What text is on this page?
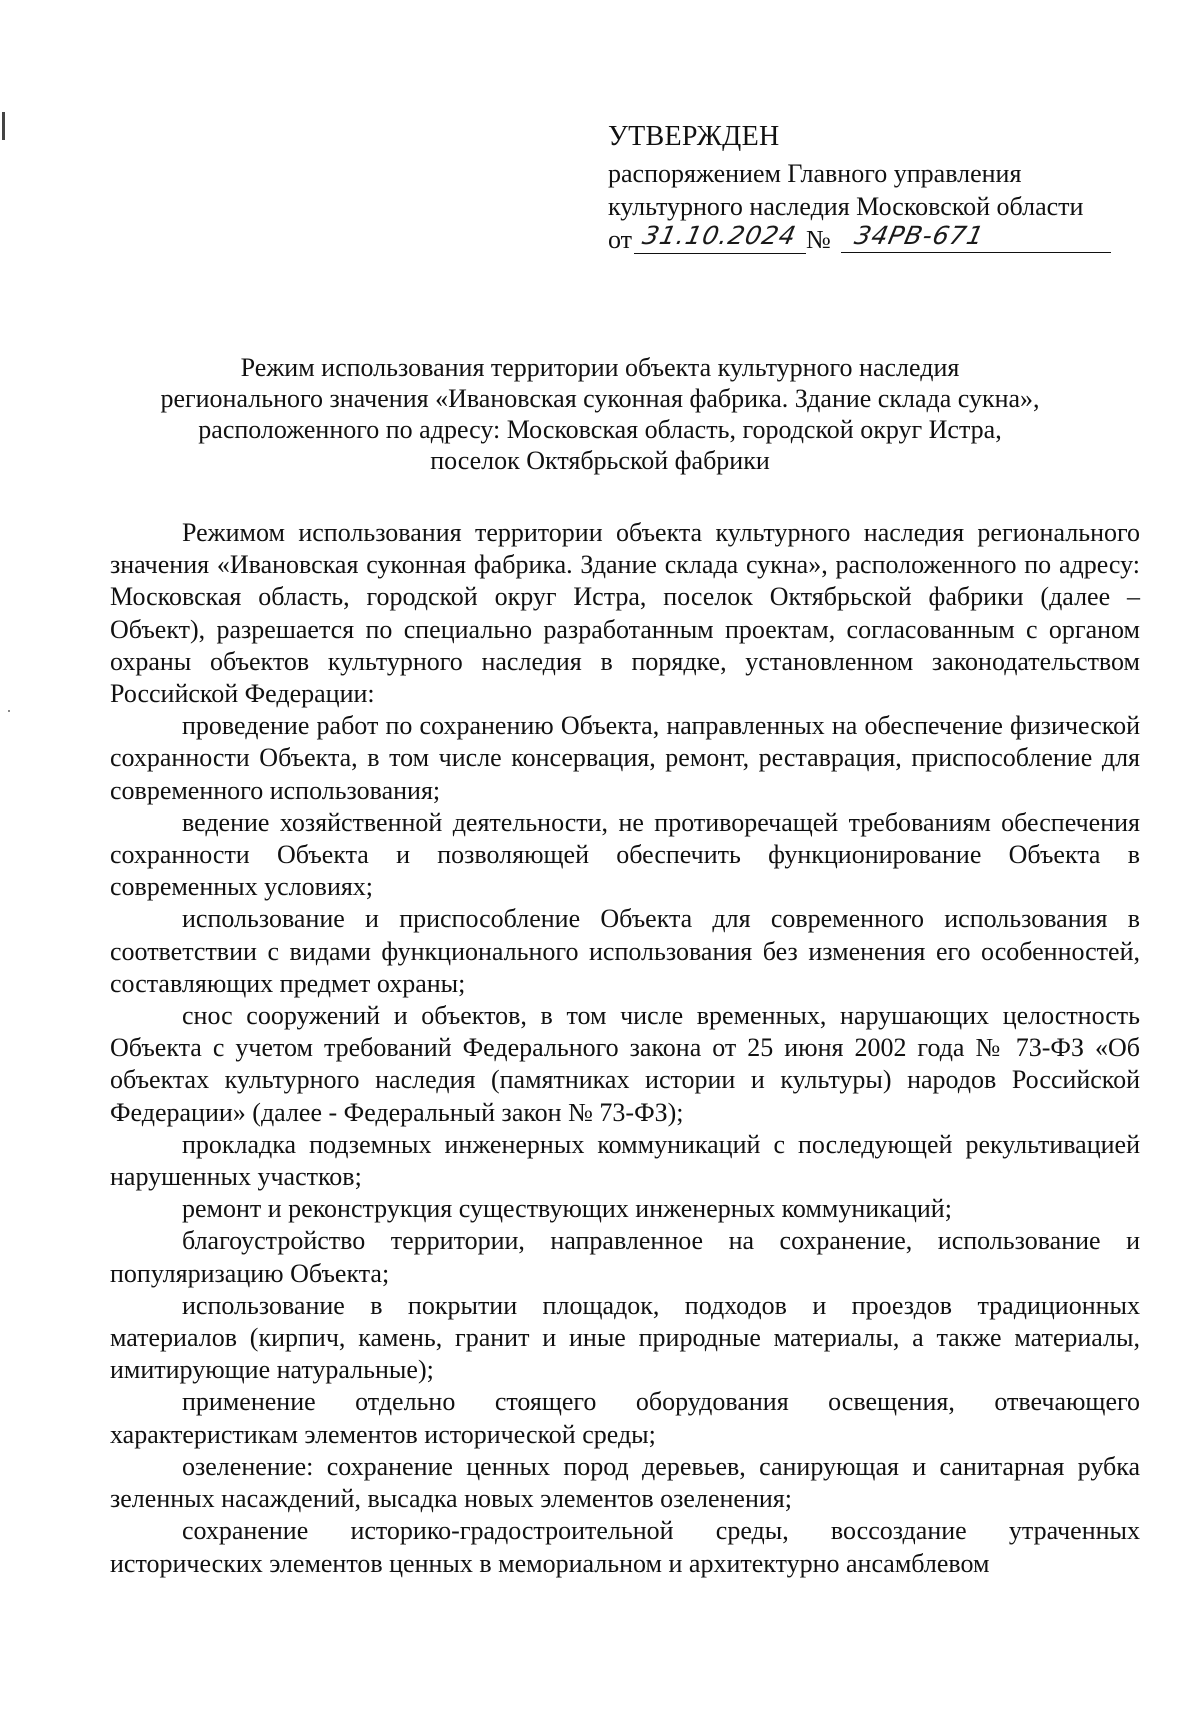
УТВЕРЖДЕН
распоряжением Главного управления
культурного наследия Московской области
от 31.10.2024 № 34РВ-671
Режим использования территории объекта культурного наследия
регионального значения «Ивановская суконная фабрика. Здание склада сукна»,
расположенного по адресу: Московская область, городской округ Истра,
поселок Октябрьской фабрики

Режимом использования территории объекта культурного наследия регионального значения «Ивановская суконная фабрика. Здание склада сукна», расположенного по адресу: Московская область, городской округ Истра, поселок Октябрьской фабрики (далее – Объект), разрешается по специально разработанным проектам, согласованным с органом охраны объектов культурного наследия в порядке, установленном законодательством Российской Федерации:

проведение работ по сохранению Объекта, направленных на обеспечение физической сохранности Объекта, в том числе консервация, ремонт, реставрация, приспособление для современного использования;

ведение хозяйственной деятельности, не противоречащей требованиям обеспечения сохранности Объекта и позволяющей обеспечить функционирование Объекта в современных условиях;

использование и приспособление Объекта для современного использования в соответствии с видами функционального использования без изменения его особенностей, составляющих предмет охраны;

снос сооружений и объектов, в том числе временных, нарушающих целостность Объекта с учетом требований Федерального закона от 25 июня 2002 года № 73-ФЗ «Об объектах культурного наследия (памятниках истории и культуры) народов Российской Федерации» (далее - Федеральный закон № 73-ФЗ);

прокладка подземных инженерных коммуникаций с последующей рекультивацией нарушенных участков;

ремонт и реконструкция существующих инженерных коммуникаций;

благоустройство территории, направленное на сохранение, использование и популяризацию Объекта;

использование в покрытии площадок, подходов и проездов традиционных материалов (кирпич, камень, гранит и иные природные материалы, а также материалы, имитирующие натуральные);

применение отдельно стоящего оборудования освещения, отвечающего характеристикам элементов исторической среды;

озеленение: сохранение ценных пород деревьев, санирующая и санитарная рубка зеленных насаждений, высадка новых элементов озеленения;

сохранение историко-градостроительной среды, воссоздание утраченных исторических элементов ценных в мемориальном и архитектурно ансамблевом
